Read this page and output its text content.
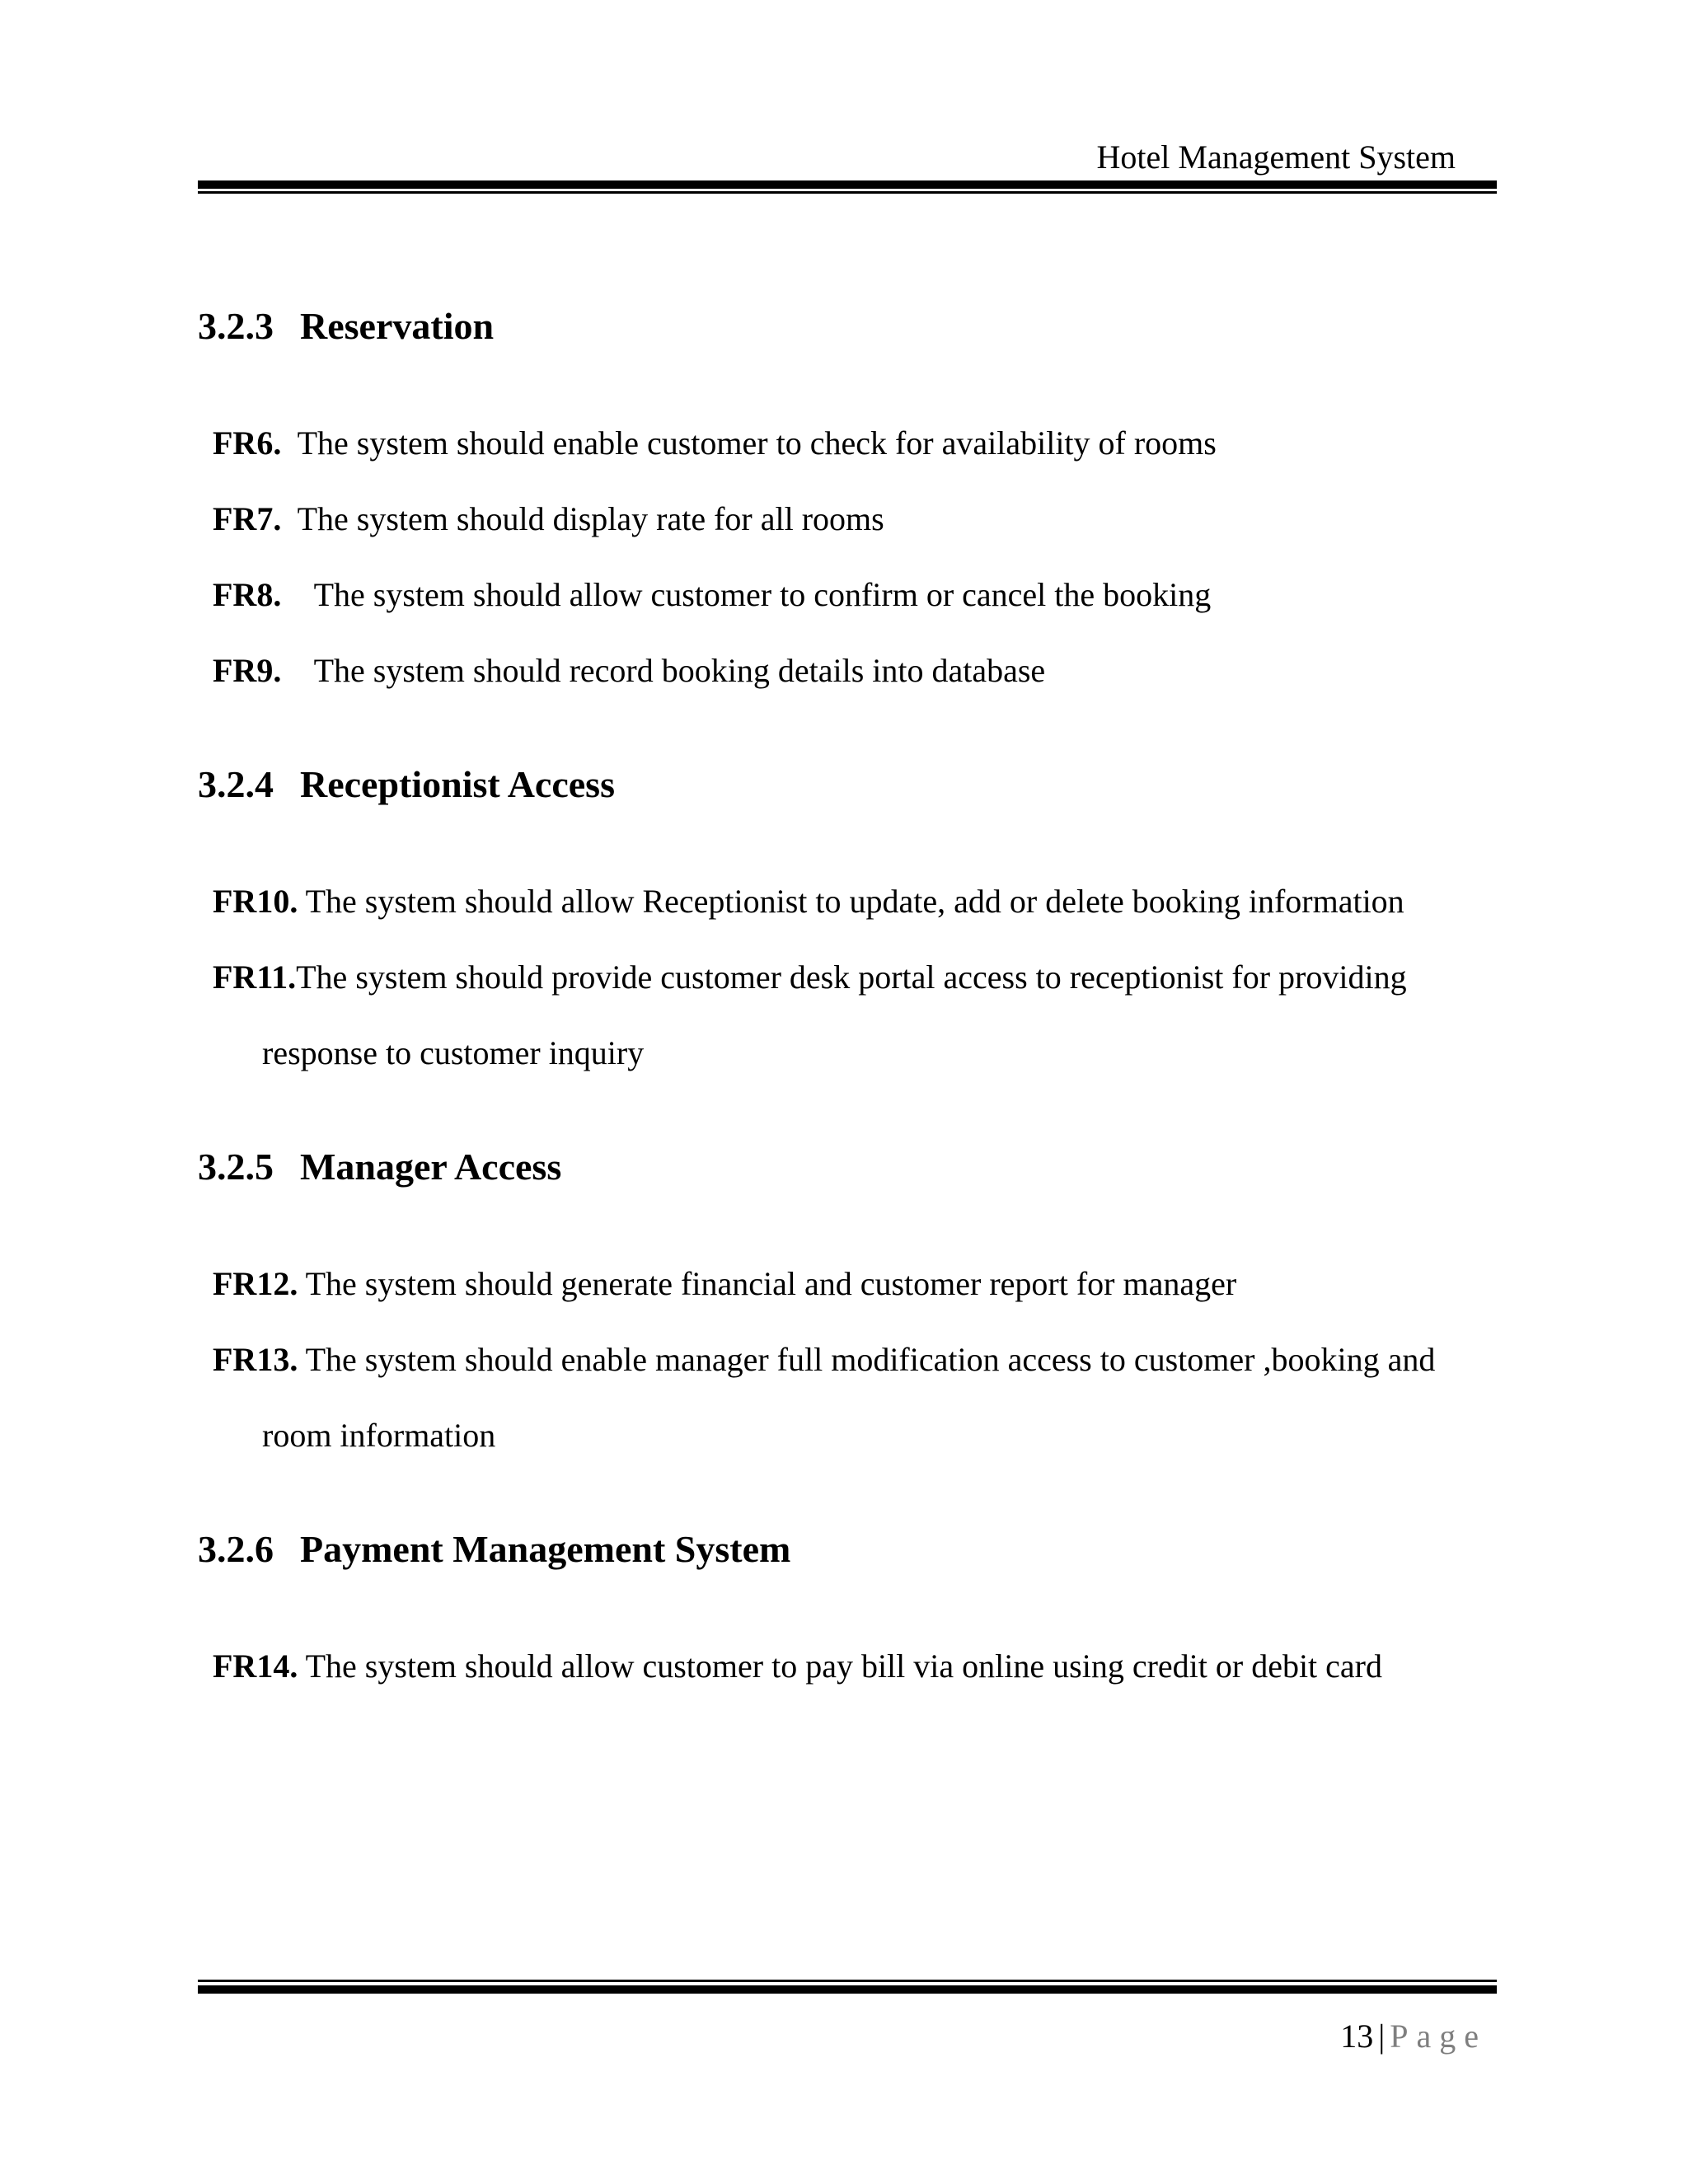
Hotel Management System
3.2.3 Reservation
FR6. The system should enable customer to check for availability of rooms
FR7. The system should display rate for all rooms
FR8. The system should allow customer to confirm or cancel the booking
FR9. The system should record booking details into database
3.2.4 Receptionist Access
FR10. The system should allow Receptionist to update, add or delete booking information
FR11.The system should provide customer desk portal access to receptionist for providing
response to customer inquiry
3.2.5 Manager Access
FR12. The system should generate financial and customer report for manager
FR13. The system should enable manager full modification access to customer ,booking and
room information
3.2.6 Payment Management System
FR14. The system should allow customer to pay bill via online using credit or debit card
13 | Page
